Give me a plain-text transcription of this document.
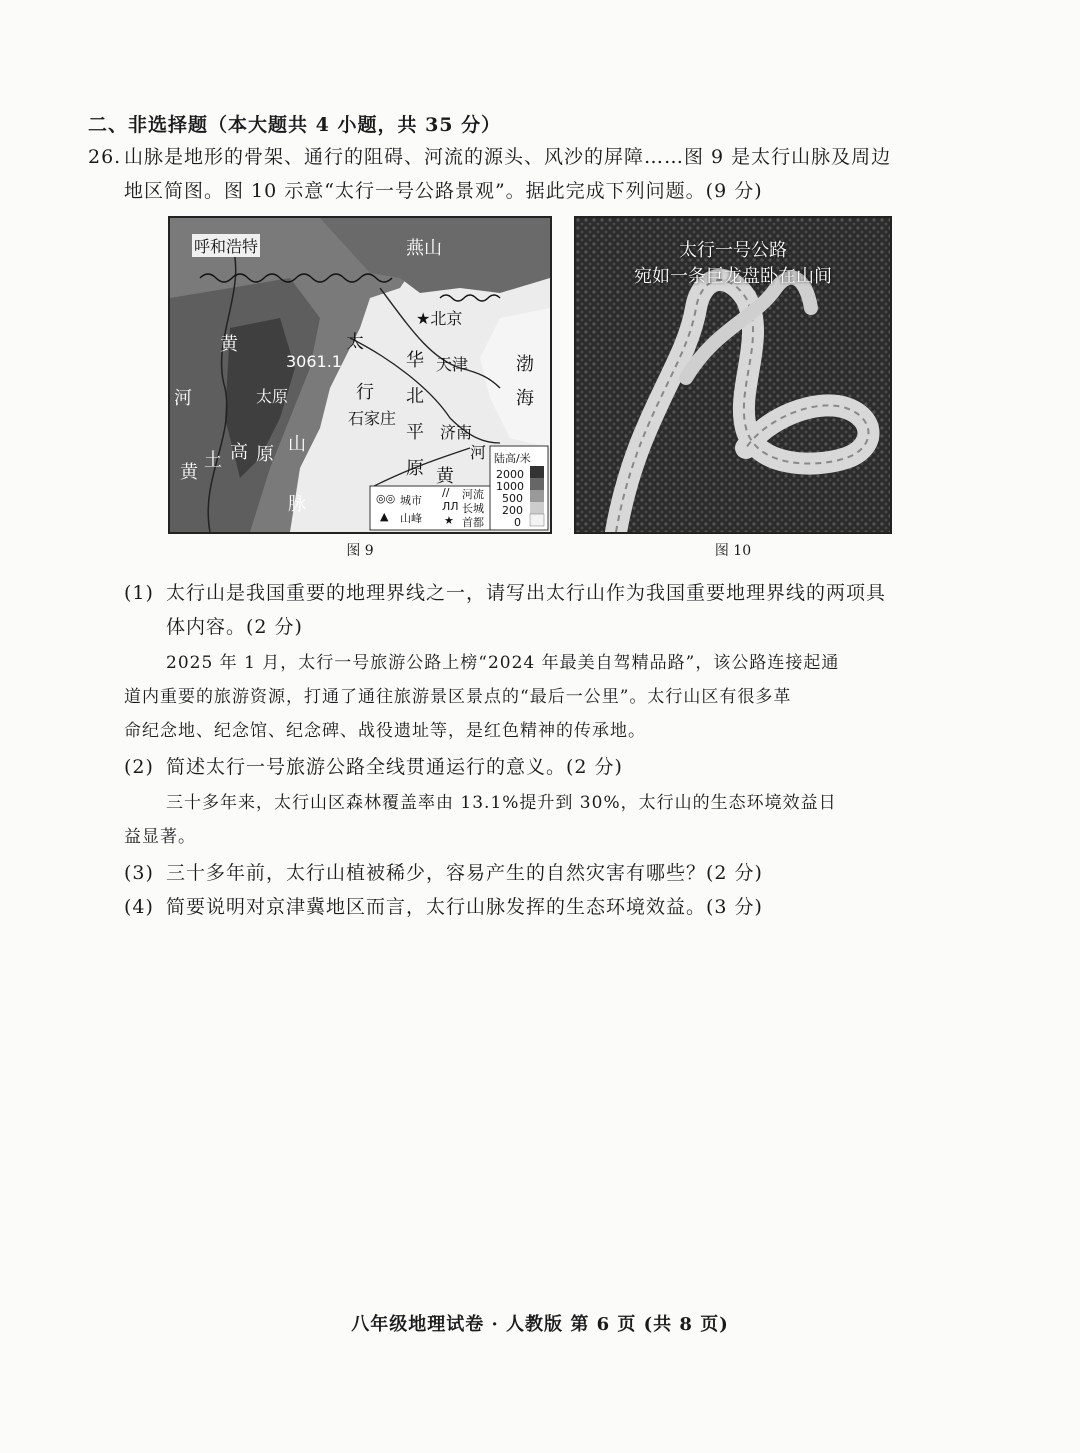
二、非选择题（本大题共 4 小题，共 35 分）
26. 山脉是地形的骨架、通行的阻碍、河流的源头、风沙的屏障……图 9 是太行山脉及周边
地区简图。图 10 示意“太行一号公路景观”。据此完成下列问题。(9 分)
呼和浩特	燕山
★北京
天津	渤
海
3061.1
太原
太
行
山
脉
石家庄
华
北
平
原
济南
黄
河
黄
河
黄
土 高 原	陆高/米
2000
1000
500
200
0
◎◎ 城市
▲ 山峰
∕∕ 河流
ЛЛ 长城
★ 首都
图 9
太行一号公路
宛如一条巨龙盘卧在山间
图 10
(1) 太行山是我国重要的地理界线之一，请写出太行山作为我国重要地理界线的两项具
体内容。(2 分)
2025 年 1 月，太行一号旅游公路上榜“2024 年最美自驾精品路”，该公路连接起通
道内重要的旅游资源，打通了通往旅游景区景点的“最后一公里”。太行山区有很多革
命纪念地、纪念馆、纪念碑、战役遗址等，是红色精神的传承地。
(2) 简述太行一号旅游公路全线贯通运行的意义。(2 分)
三十多年来，太行山区森林覆盖率由 13.1%提升到 30%，太行山的生态环境效益日
益显著。
(3) 三十多年前，太行山植被稀少，容易产生的自然灾害有哪些？(2 分)
(4) 简要说明对京津冀地区而言，太行山脉发挥的生态环境效益。(3 分)
八年级地理试卷 · 人教版 第 6 页 (共 8 页)
